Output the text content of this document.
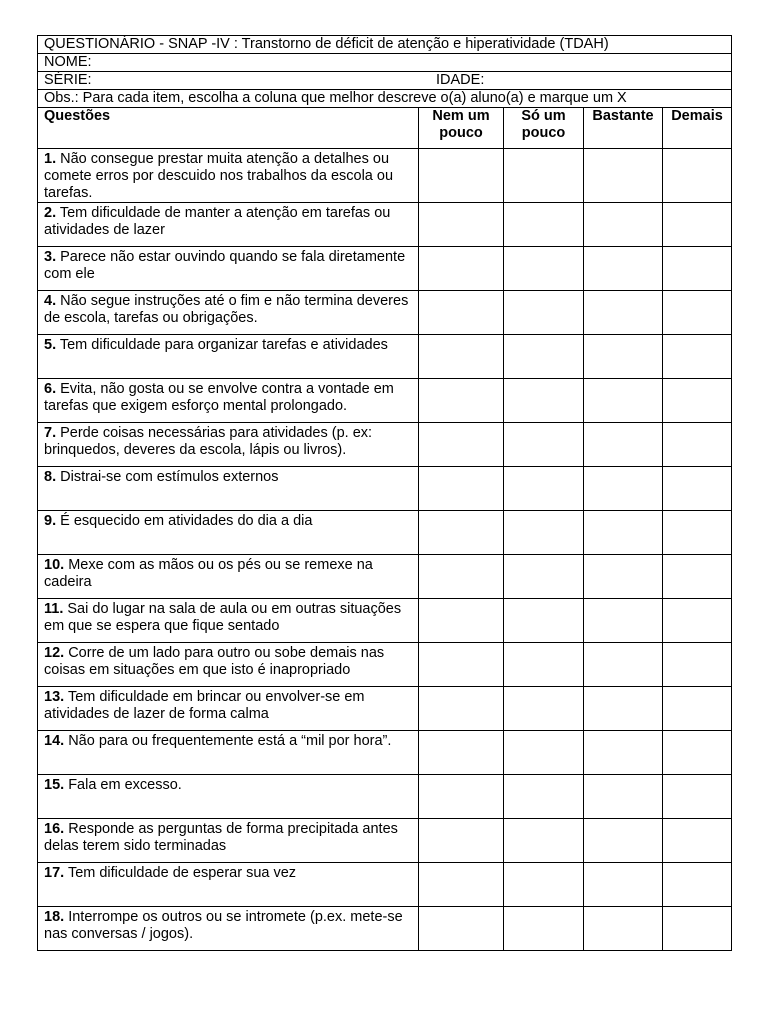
QUESTIONÁRIO - SNAP -IV : Transtorno de déficit de atenção e hiperatividade (TDAH)				
NOME:				
SÉRIE: IDADE:				
Obs.: Para cada item, escolha a coluna que melhor descreve o(a) aluno(a) e marque um X				
Questões	Nem um pouco	Só um pouco	Bastante	Demais
1. Não consegue prestar muita atenção a detalhes ou comete erros por descuido nos trabalhos da escola ou tarefas.				
2. Tem dificuldade de manter a atenção em tarefas ou atividades de lazer				
3. Parece não estar ouvindo quando se fala diretamente com ele				
4. Não segue instruções até o fim e não termina deveres de escola, tarefas ou obrigações.				
5. Tem dificuldade para organizar tarefas e atividades				
6. Evita, não gosta ou se envolve contra a vontade em tarefas que exigem esforço mental prolongado.				
7. Perde coisas necessárias para atividades (p. ex: brinquedos, deveres da escola, lápis ou livros).				
8. Distrai-se com estímulos externos				
9. É esquecido em atividades do dia a dia				
10. Mexe com as mãos ou os pés ou se remexe na cadeira				
11. Sai do lugar na sala de aula ou em outras situações em que se espera que fique sentado				
12. Corre de um lado para outro ou sobe demais nas coisas em situações em que isto é inapropriado				
13. Tem dificuldade em brincar ou envolver-se em atividades de lazer de forma calma				
14. Não para ou frequentemente está a “mil por hora”.				
15. Fala em excesso.				
16. Responde as perguntas de forma precipitada antes delas terem sido terminadas				
17. Tem dificuldade de esperar sua vez				
18. Interrompe os outros ou se intromete (p.ex. mete-se nas conversas / jogos).				
